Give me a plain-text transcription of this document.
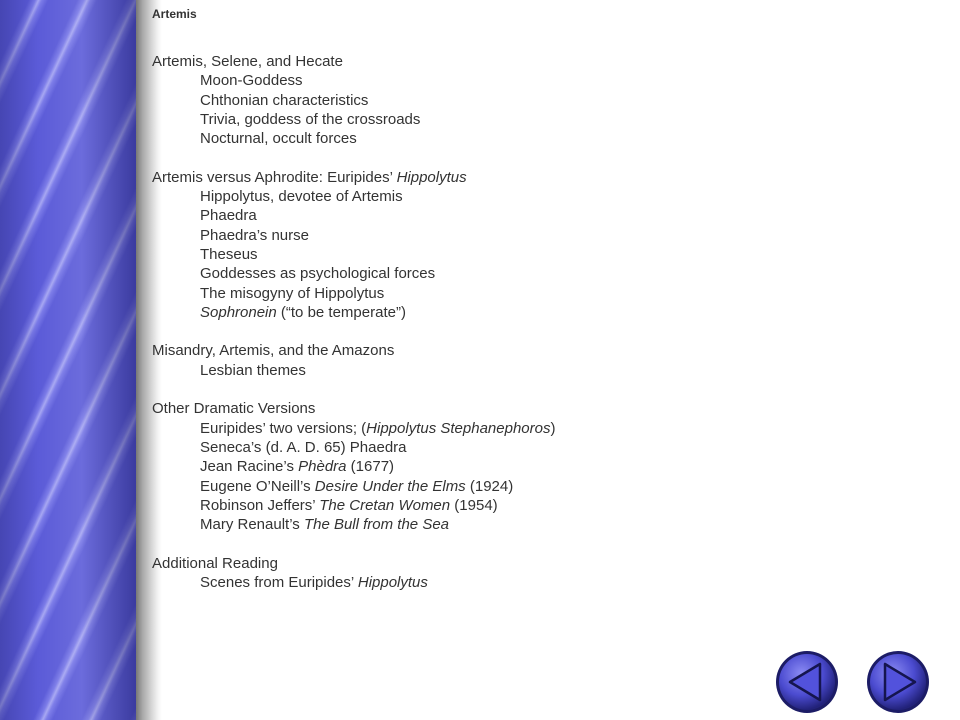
Artemis
Artemis, Selene, and Hecate
Moon-Goddess
Chthonian characteristics
Trivia, goddess of the crossroads
Nocturnal, occult forces
Artemis versus Aphrodite: Euripides’ Hippolytus
Hippolytus, devotee of Artemis
Phaedra
Phaedra’s nurse
Theseus
Goddesses as psychological forces
The misogyny of Hippolytus
Sophronein (“to be temperate”)
Misandry, Artemis, and the Amazons
Lesbian themes
Other Dramatic Versions
Euripides’ two versions; (Hippolytus Stephanephoros)
Seneca’s (d. A. D. 65) Phaedra
Jean Racine’s Phèdra (1677)
Eugene O’Neill’s Desire Under the Elms (1924)
Robinson Jeffers’ The Cretan Women (1954)
Mary Renault’s The Bull from the Sea
Additional Reading
Scenes from Euripides’ Hippolytus
